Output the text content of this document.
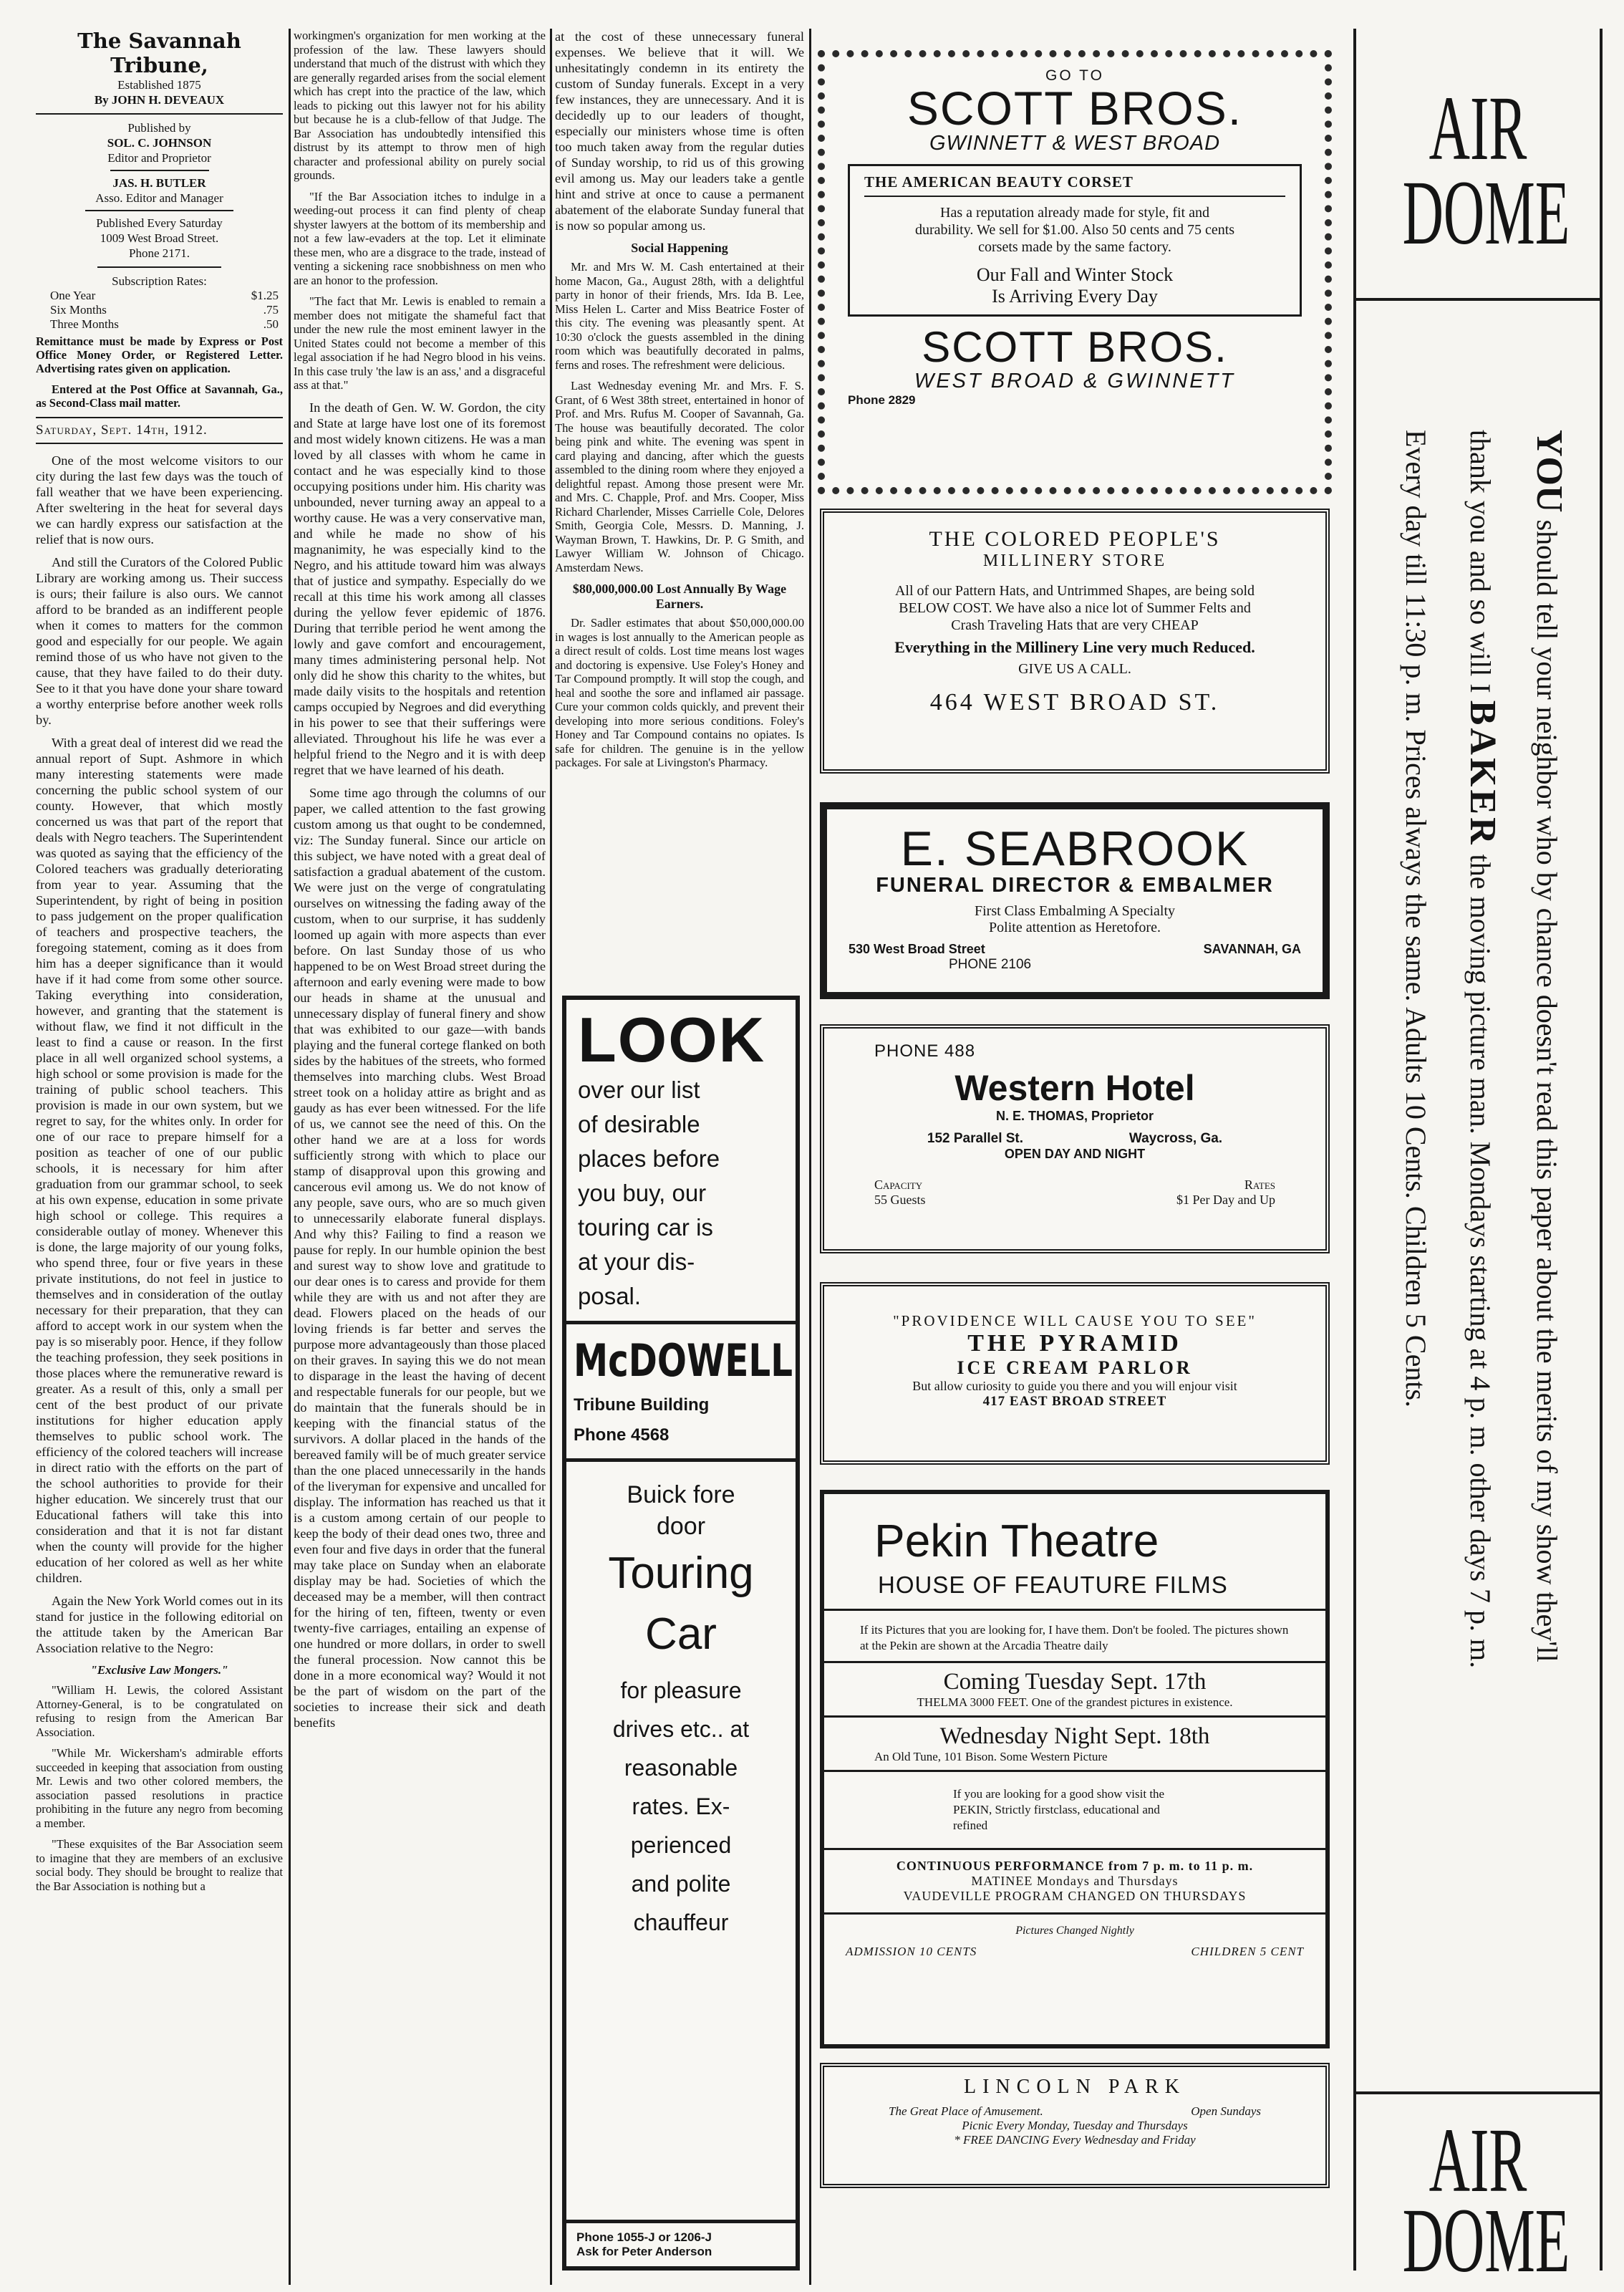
The Savannah Tribune,

Established 1875

By JOHN H. DEVEAUX

Published by

SOL. C. JOHNSON

Editor and Proprietor

JAS. H. BUTLER

Asso. Editor and Manager

Published Every Saturday

1009 West Broad Street.

Phone 2171.

Subscription Rates:

One Year	$1.25
Six Months	.75
Three Months	.50

Remittance must be made by Express or Post Office Money Order, or Registered Letter. Advertising rates given on application.

Entered at the Post Office at Savannah, Ga., as Second-Class mail matter.

Saturday, Sept. 14th, 1912.

One of the most welcome visitors to our city during the last few days was the touch of fall weather that we have been experiencing. After sweltering in the heat for several days we can hardly express our satisfaction at the relief that is now ours.

And still the Curators of the Colored Public Library are working among us. Their success is ours; their failure is also ours. We cannot afford to be branded as an indifferent people when it comes to matters for the common good and especially for our people. We again remind those of us who have not given to the cause, that they have failed to do their duty. See to it that you have done your share toward a worthy enterprise before another week rolls by.

With a great deal of interest did we read the annual report of Supt. Ashmore in which many interesting statements were made concerning the public school system of our county. However, that which mostly concerned us was that part of the report that deals with Negro teachers. The Superintendent was quoted as saying that the efficiency of the Colored teachers was gradually deteriorating from year to year. Assuming that the Superintendent, by right of being in position to pass judgement on the proper qualification of teachers and prospective teachers, the foregoing statement, coming as it does from him has a deeper significance than it would have if it had come from some other source. Taking everything into consideration, however, and granting that the statement is without flaw, we find it not difficult in the least to find a cause or reason. In the first place in all well organized school systems, a high school or some provision is made for the training of public school teachers. This provision is made in our own system, but we regret to say, for the whites only. In order for one of our race to prepare himself for a position as teacher of one of our public schools, it is necessary for him after graduation from our grammar school, to seek at his own expense, education in some private high school or college. This requires a considerable outlay of money. Whenever this is done, the large majority of our young folks, who spend three, four or five years in these private institutions, do not feel in justice to themselves and in consideration of the outlay necessary for their preparation, that they can afford to accept work in our system when the pay is so miserably poor. Hence, if they follow the teaching profession, they seek positions in those places where the remunerative reward is greater. As a result of this, only a small per cent of the best product of our private institutions for higher education apply themselves to public school work. The efficiency of the colored teachers will increase in direct ratio with the efforts on the part of the school authorities to provide for their higher education. We sincerely trust that our Educational fathers will take this into consideration and that it is not far distant when the county will provide for the higher education of her colored as well as her white children.

Again the New York World comes out in its stand for justice in the following editorial on the attitude taken by the American Bar Association relative to the Negro:

"Exclusive Law Mongers."

"William H. Lewis, the colored Assistant Attorney-General, is to be congratulated on refusing to resign from the American Bar Association.

"While Mr. Wickersham's admirable efforts succeeded in keeping that association from ousting Mr. Lewis and two other colored members, the association passed resolutions in practice prohibiting in the future any negro from becoming a member.

"These exquisites of the Bar Association seem to imagine that they are members of an exclusive social body. They should be brought to realize that the Bar Association is nothing but a

workingmen's organization for men working at the profession of the law. These lawyers should understand that much of the distrust with which they are generally regarded arises from the social element which has crept into the practice of the law, which leads to picking out this lawyer not for his ability but because he is a club-fellow of that Judge. The Bar Association has undoubtedly intensified this distrust by its attempt to throw men of high character and professional ability on purely social grounds.

"If the Bar Association itches to indulge in a weeding-out process it can find plenty of cheap shyster lawyers at the bottom of its membership and not a few law-evaders at the top. Let it eliminate these men, who are a disgrace to the trade, instead of venting a sickening race snobbishness on men who are an honor to the profession.

"The fact that Mr. Lewis is enabled to remain a member does not mitigate the shameful fact that under the new rule the most eminent lawyer in the United States could not become a member of this legal association if he had Negro blood in his veins. In this case truly 'the law is an ass,' and a disgraceful ass at that."

In the death of Gen. W. W. Gordon, the city and State at large have lost one of its foremost and most widely known citizens. He was a man loved by all classes with whom he came in contact and he was especially kind to those occupying positions under him. His charity was unbounded, never turning away an appeal to a worthy cause. He was a very conservative man, and while he made no show of his magnanimity, he was especially kind to the Negro, and his attitude toward him was always that of justice and sympathy. Especially do we recall at this time his work among all classes during the yellow fever epidemic of 1876. During that terrible period he went among the lowly and gave comfort and encouragement, many times administering personal help. Not only did he show this charity to the whites, but made daily visits to the hospitals and retention camps occupied by Negroes and did everything in his power to see that their sufferings were alleviated. Throughout his life he was ever a helpful friend to the Negro and it is with deep regret that we have learned of his death.

Some time ago through the columns of our paper, we called attention to the fast growing custom among us that ought to be condemned, viz: The Sunday funeral. Since our article on this subject, we have noted with a great deal of satisfaction a gradual abatement of the custom. We were just on the verge of congratulating ourselves on witnessing the fading away of the custom, when to our surprise, it has suddenly loomed up again with more aspects than ever before. On last Sunday those of us who happened to be on West Broad street during the afternoon and early evening were made to bow our heads in shame at the unusual and unnecessary display of funeral finery and show that was exhibited to our gaze—with bands playing and the funeral cortege flanked on both sides by the habitues of the streets, who formed themselves into marching clubs. West Broad street took on a holiday attire as bright and as gaudy as has ever been witnessed. For the life of us, we cannot see the need of this. On the other hand we are at a loss for words sufficiently strong with which to place our stamp of disapproval upon this growing and cancerous evil among us. We do not know of any people, save ours, who are so much given to unnecessarily elaborate funeral displays. And why this? Failing to find a reason we pause for reply. In our humble opinion the best and surest way to show love and gratitude to our dear ones is to caress and provide for them while they are with us and not after they are dead. Flowers placed on the heads of our loving friends is far better and serves the purpose more advantageously than those placed on their graves. In saying this we do not mean to disparage in the least the having of decent and respectable funerals for our people, but we do maintain that the funerals should be in keeping with the financial status of the survivors. A dollar placed in the hands of the bereaved family will be of much greater service than the one placed unnecessarily in the hands of the liveryman for expensive and uncalled for display. The information has reached us that it is a custom among certain of our people to keep the body of their dead ones two, three and even four and five days in order that the funeral may take place on Sunday when an elaborate display may be had. Societies of which the deceased may be a member, will then contract for the hiring of ten, fifteen, twenty or even twenty-five carriages, entailing an expense of one hundred or more dollars, in order to swell the funeral procession. Now cannot this be done in a more economical way? Would it not be the part of wisdom on the part of the societies to increase their sick and death benefits

at the cost of these unnecessary funeral expenses. We believe that it will. We unhesitatingly condemn in its entirety the custom of Sunday funerals. Except in a very few instances, they are unnecessary. And it is decidedly up to our leaders of thought, especially our ministers whose time is often too much taken away from the regular duties of Sunday worship, to rid us of this growing evil among us. May our leaders take a gentle hint and strive at once to cause a permanent abatement of the elaborate Sunday funeral that is now so popular among us.

Social Happening

Mr. and Mrs W. M. Cash entertained at their home Macon, Ga., August 28th, with a delightful party in honor of their friends, Mrs. Ida B. Lee, Miss Helen L. Carter and Miss Beatrice Foster of this city. The evening was pleasantly spent. At 10:30 o'clock the guests assembled in the dining room which was beautifully decorated in palms, ferns and roses. The refreshment were delicious.

Last Wednesday evening Mr. and Mrs. F. S. Grant, of 6 West 38th street, entertained in honor of Prof. and Mrs. Rufus M. Cooper of Savannah, Ga. The house was beautifully decorated. The color being pink and white. The evening was spent in card playing and dancing, after which the guests assembled to the dining room where they enjoyed a delightful repast. Among those present were Mr. and Mrs. C. Chapple, Prof. and Mrs. Cooper, Miss Richard Charlender, Misses Carrielle Cole, Delores Smith, Georgia Cole, Messrs. D. Manning, J. Wayman Brown, T. Hawkins, Dr. P. G Smith, and Lawyer William W. Johnson of Chicago. Amsterdam News.

$80,000,000.00 Lost Annually By Wage Earners.

Dr. Sadler estimates that about $50,000,000.00 in wages is lost annually to the American people as a direct result of colds. Lost time means lost wages and doctoring is expensive. Use Foley's Honey and Tar Compound promptly. It will stop the cough, and heal and soothe the sore and inflamed air passage. Cure your common colds quickly, and prevent their developing into more serious conditions. Foley's Honey and Tar Compound contains no opiates. Is safe for children. The genuine is in the yellow packages. For sale at Livingston's Pharmacy.

LOOK
over our list
of desirable
places before
you buy, our
touring car is
at your dis-
posal.
McDOWELL
Tribune Building
Phone 4568
Buick fore
door
Touring
Car
for pleasure
drives etc.. at
reasonable
rates. Ex-
perienced
and polite
chauffeur
Phone 1055-J or 1206-J
Ask for Peter Anderson
GO TO
SCOTT BROS.
GWINNETT & WEST BROAD
THE AMERICAN BEAUTY CORSET
Has a reputation already made for style, fit and durability. We sell for $1.00. Also 50 cents and 75 cents corsets made by the same factory.
Our Fall and Winter Stock
Is Arriving Every Day
SCOTT BROS.
WEST BROAD & GWINNETT
Phone 2829
THE COLORED PEOPLE'S
MILLINERY STORE
All of our Pattern Hats, and Untrimmed Shapes, are being sold BELOW COST. We have also a nice lot of Summer Felts and Crash Traveling Hats that are very CHEAP
Everything in the Millinery Line very much Reduced.
GIVE US A CALL.
464 WEST BROAD ST.
E. SEABROOK
FUNERAL DIRECTOR & EMBALMER
First Class Embalming A Specialty
Polite attention as Heretofore.
530 West Broad Street	SAVANNAH, GA
PHONE 2106
PHONE 488
Western Hotel
N. E. THOMAS, Proprietor
152 Parallel St.	Waycross, Ga.
OPEN DAY AND NIGHT
Capacity
55 Guests
Rates
$1 Per Day and Up
"PROVIDENCE WILL CAUSE YOU TO SEE"
THE PYRAMID
ICE CREAM PARLOR
But allow curiosity to guide you there and you will enjour visit
417 EAST BROAD STREET
Pekin Theatre
HOUSE OF FEAUTURE FILMS
If its Pictures that you are looking for, I have them. Don't be fooled. The pictures shown at the Pekin are shown at the Arcadia Theatre daily
Coming Tuesday Sept. 17th
THELMA 3000 FEET. One of the grandest pictures in existence.
Wednesday Night Sept. 18th
An Old Tune, 101 Bison. Some Western Picture
If you are looking for a good show visit the PEKIN, Strictly firstclass, educational and refined
CONTINUOUS PERFORMANCE from 7 p. m. to 11 p. m.
MATINEE Mondays and Thursdays
VAUDEVILLE PROGRAM CHANGED ON THURSDAYS
Pictures Changed Nightly
ADMISSION 10 CENTS	CHILDREN 5 CENT
LINCOLN PARK
The Great Place of Amusement.	Open Sundays
Picnic Every Monday, Tuesday and Thursdays
* FREE DANCING Every Wednesday and Friday
AIR
DOME
YOU should tell your neighbor who by chance doesn't read this paper about the merits of my show they'll
thank you and so will I BAKER the moving picture man. Mondays starting at 4 p. m. other days 7 p. m.
Every day till 11:30 p. m. Prices always the same. Adults 10 Cents. Children 5 Cents.
AIR
DOME
